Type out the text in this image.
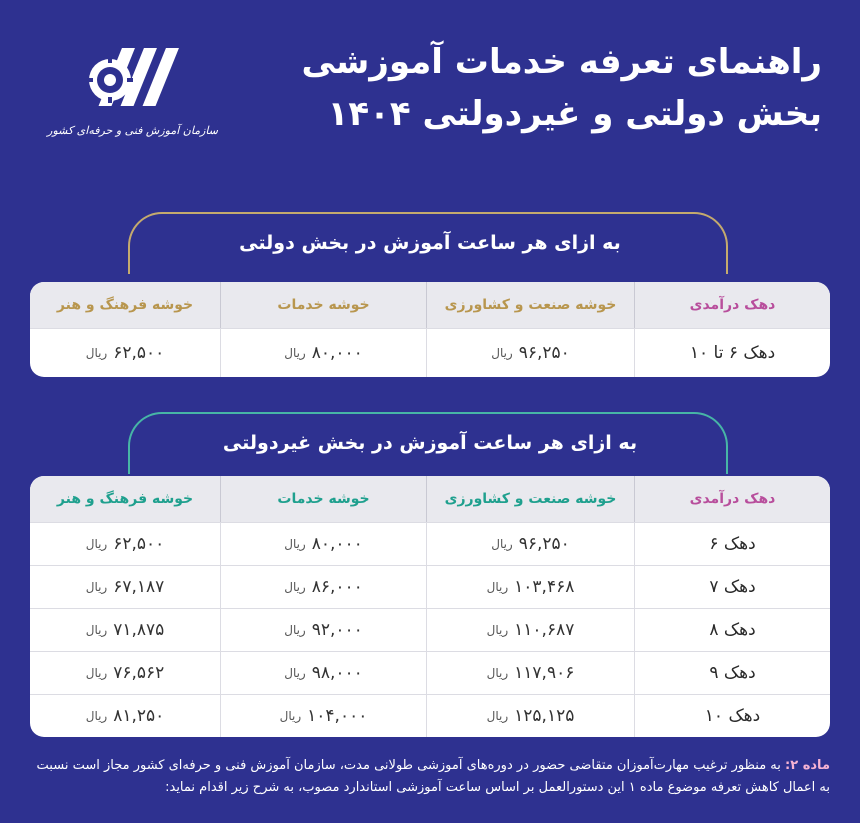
سازمان آموزش فنی و حرفه‌ای کشور
راهنمای تعرفه خدمات آموزشی
بخش دولتی و غیردولتی ۱۴۰۴
به ازای هر ساعت آموزش در بخش دولتی
دهک درآمدی
خوشه صنعت و کشاورزی
خوشه خدمات
خوشه فرهنگ و هنر
دهک ۶ تا ۱۰
۹۶,۲۵۰
ریال
۸۰,۰۰۰
ریال
۶۲,۵۰۰
ریال
به ازای هر ساعت آموزش در بخش غیردولتی
دهک درآمدی
خوشه صنعت و کشاورزی
خوشه خدمات
خوشه فرهنگ و هنر
دهک ۶
۹۶,۲۵۰
ریال
۸۰,۰۰۰
ریال
۶۲,۵۰۰
ریال
دهک ۷
۱۰۳,۴۶۸
ریال
۸۶,۰۰۰
ریال
۶۷,۱۸۷
ریال
دهک ۸
۱۱۰,۶۸۷
ریال
۹۲,۰۰۰
ریال
۷۱,۸۷۵
ریال
دهک ۹
۱۱۷,۹۰۶
ریال
۹۸,۰۰۰
ریال
۷۶,۵۶۲
ریال
دهک ۱۰
۱۲۵,۱۲۵
ریال
۱۰۴,۰۰۰
ریال
۸۱,۲۵۰
ریال
ماده ۲: به منظور ترغیب مهارت‌آموزان متقاضی حضور در دوره‌های آموزشی طولانی مدت، سازمان آموزش فنی و حرفه‌ای کشور مجاز است نسبت به اعمال کاهش تعرفه موضوع ماده ۱ این دستورالعمل بر اساس ساعت آموزشی استاندارد مصوب، به شرح زیر اقدام نماید:
